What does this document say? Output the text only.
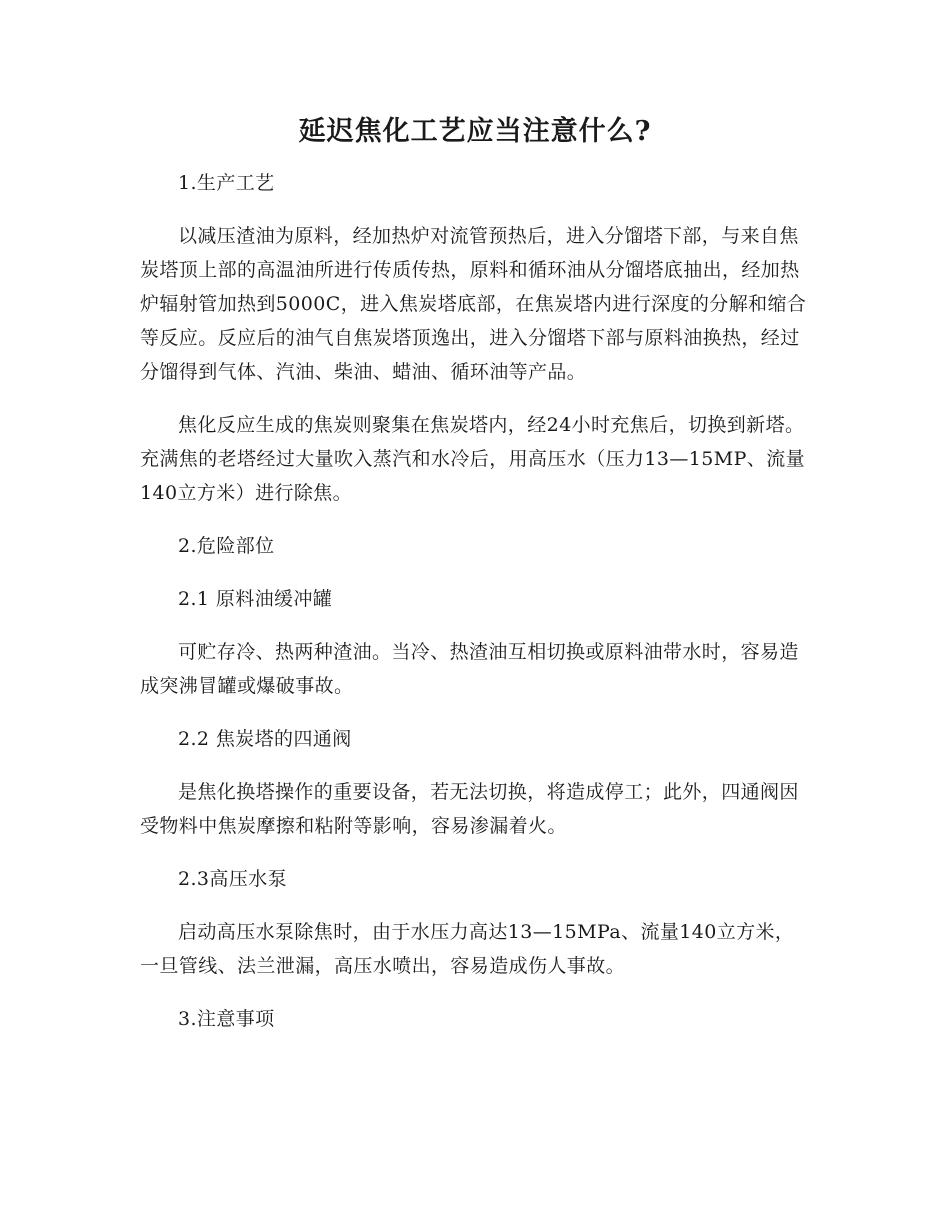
延迟焦化工艺应当注意什么?

1.生产工艺

以减压渣油为原料，经加热炉对流管预热后，进入分馏塔下部，与来自焦炭塔顶上部的高温油所进行传质传热，原料和循环油从分馏塔底抽出，经加热炉辐射管加热到5000C，进入焦炭塔底部，在焦炭塔内进行深度的分解和缩合等反应。反应后的油气自焦炭塔顶逸出，进入分馏塔下部与原料油换热，经过分馏得到气体、汽油、柴油、蜡油、循环油等产品。

焦化反应生成的焦炭则聚集在焦炭塔内，经24小时充焦后，切换到新塔。充满焦的老塔经过大量吹入蒸汽和水冷后，用高压水（压力13—15MP、流量140立方米）进行除焦。

2.危险部位

2.1 原料油缓冲罐

可贮存冷、热两种渣油。当冷、热渣油互相切换或原料油带水时，容易造成突沸冒罐或爆破事故。

2.2 焦炭塔的四通阀

是焦化换塔操作的重要设备，若无法切换，将造成停工；此外，四通阀因受物料中焦炭摩擦和粘附等影响，容易渗漏着火。

2.3高压水泵

启动高压水泵除焦时，由于水压力高达13—15MPa、流量140立方米，一旦管线、法兰泄漏，高压水喷出，容易造成伤人事故。

3.注意事项
